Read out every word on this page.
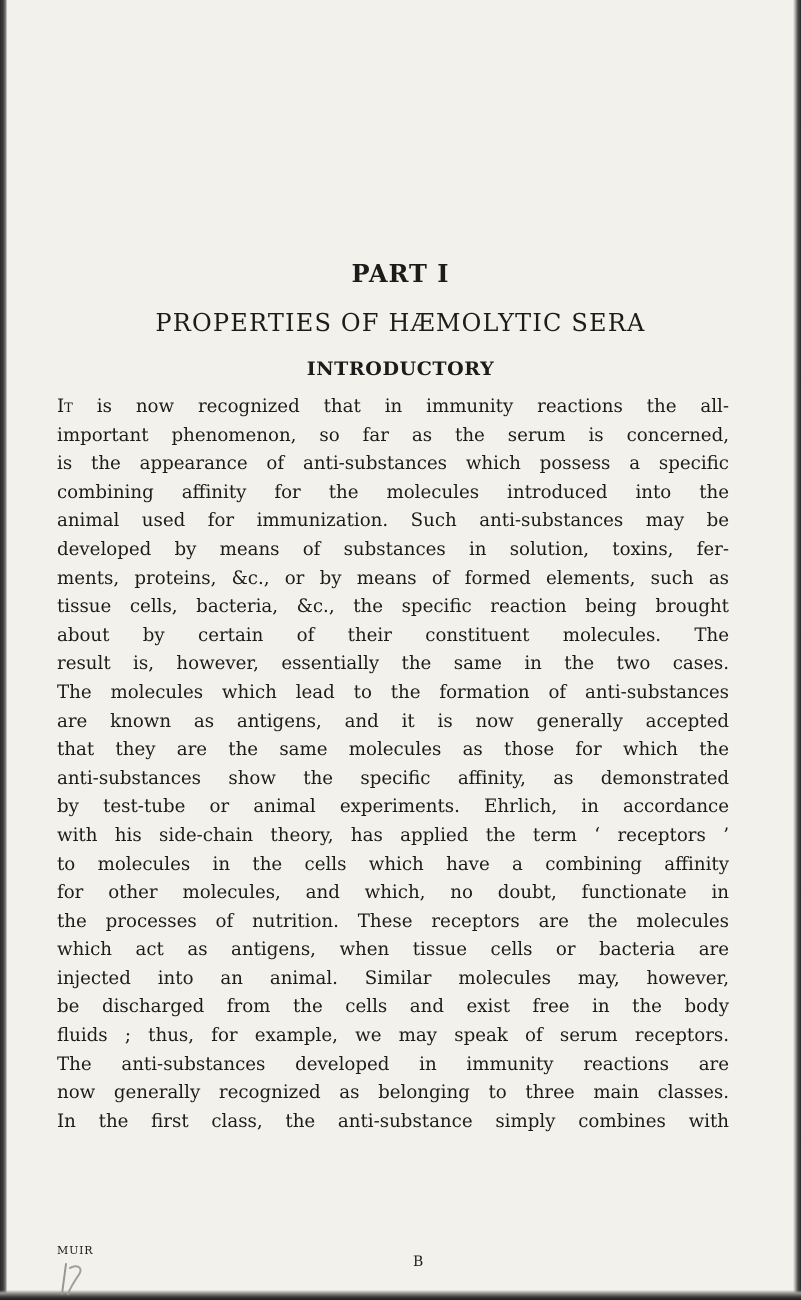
PART I
PROPERTIES OF HÆMOLYTIC SERA
INTRODUCTORY
It is now recognized that in immunity reactions the all-
important phenomenon, so far as the serum is concerned,
is the appearance of anti-substances which possess a specific
combining affinity for the molecules introduced into the
animal used for immunization. Such anti-substances may be
developed by means of substances in solution, toxins, fer-
ments, proteins, &c., or by means of formed elements, such as
tissue cells, bacteria, &c., the specific reaction being brought
about by certain of their constituent molecules. The
result is, however, essentially the same in the two cases.
The molecules which lead to the formation of anti-substances
are known as antigens, and it is now generally accepted
that they are the same molecules as those for which the
anti-substances show the specific affinity, as demonstrated
by test-tube or animal experiments. Ehrlich, in accordance
with his side-chain theory, has applied the term ‘ receptors ’
to molecules in the cells which have a combining affinity
for other molecules, and which, no doubt, functionate in
the processes of nutrition. These receptors are the molecules
which act as antigens, when tissue cells or bacteria are
injected into an animal. Similar molecules may, however,
be discharged from the cells and exist free in the body
fluids ; thus, for example, we may speak of serum receptors.
The anti-substances developed in immunity reactions are
now generally recognized as belonging to three main classes.
In the first class, the anti-substance simply combines with
MUIR
B
